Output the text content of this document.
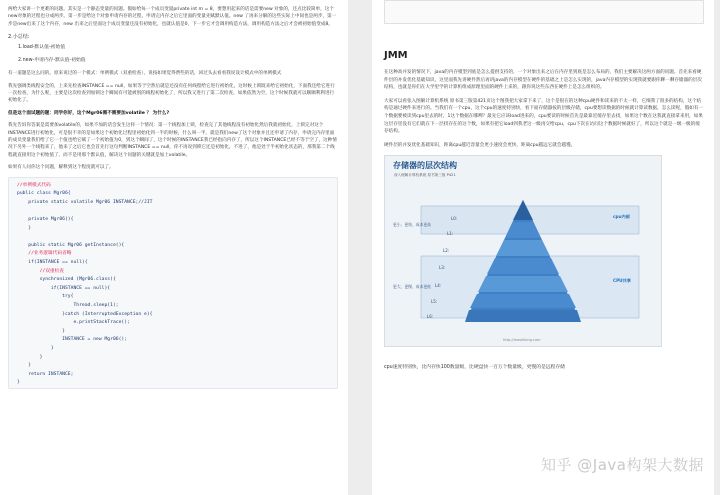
两给大家讲一个更难的问题。其实是一个静态变量的问题。假如给每一个成员变量private int m = 8，要想用起来的话是需要new 对象的，还点比较简单，这个new对象的过程也分成两步。第一步是给这个对象申请内存的过程，申请完内存之后它里面的变量先赋默认值。new 了再来分解的这些实际上中间也是两步，第一步是new出来了这个内存，new 出来之后里面这个成员变量还没有初始化，也就认值是0，下一步它才会调用构造方法，调用构造方法之后才会被初始值变成8。

2.小总结:
1.load-默认值-初始值
2.new-申请内存-默认值-初始值

有一道题是这么问的。原来说过的一个模式：单例模式（双重检查），说按如果觉得费些的话，回过头去看看我说设计模式中的单例模式

我先强调类线程安全的，上来先检查INSTANCE == null，如果等于空然后就是还没有任何线程给它进行初始化，这时候上锁既来给它初始化，下面我还给它进行一次检查，为什么呢，主要是这次检查到加锁这个瞬间有可能被别的线程初始化了，所以我又进行了第二次检查，如果依然为空，这个时候我就可以顺顺利利进行初始化了。

但是这个面试题的题：同学你好，这个Mgr06需不需要加volatile ？ 为什么?

我先告诉你答案是需要加volatile的，如果不加的话会发生这样一个情况：第一个线程加上锁，检查完了其他线程没有初始化然后我就初始化，上锁完对这个INSTANCE进行初始化，可是很不幸的是如果这个初始化过程里初始化到一半的时候，什么叫一半，就是我们new了这个对象并且还申请了内存，申请完内存里面的成员变量我们给了它一个值也给它赋了一个初始值为0，到这个瞬间了，这个时候的INSTANCE我已经指向内存了，所以这个INSTANCE已经不等于空了，这种情况下另外一个线程来了，他来了之后它也会首先行这句判断INSTANCE == null，你不再说到锁它还是初始化，不进了，他是处于半初始化状态的，那我第二个线程就直接用这个初始值了，而不是用那个默认值，解决这个问题的关键就是加上volatile。

如果有人问你这个问题，解释到这个程度就可以了。

//单例模式代码
public class Mgr06{
private static volatile Mgr06 INSTANCE;//JIT
private Mgr06(){
}
public static Mgr06 getInstance(){
//业务逻辑代码省略
if(INSTANCE == null){
//双重检查
synchronized (Mgr06.class){
if(INSTANCE == null){
try{
Thread.sleep(1);
}catch (InterruptedException e){
e.printStackTrace();
}
INSTANCE = new Mgr06();
}
}
}
return INSTANCE;
}
JMM

在这种高并发的情况下，java的内存模型到底是怎么提供支持的，一个对象出来之后在内存里到底是怎么布局的，我们主要解决这两方面的问题。首先来看硬件层的并发优化基础知识，这里面我先讲硬件然后再讲java的内存模型在硬件的基础之上是怎么实现的，java内存模型的实现我就要跟你聊一聊存储器的层次结构，也就是你们在大学里学的计算机组成原理里面的硬件上来的，跟你说这些东西在硬件上是怎么组织的。

大家可以看张入图解计算机系统 原书第三版第421页这个图我把大家拿下来了，这个是很在的这种cpu硬件和读来的不太一样，它细我了很多的结构，这个结构是通过硬件来进行的。当我们有一个cpu，这个cpu的速度特别快，看下面存储器按的层级存储，cpu要想读数据的时候就计算读数据，怎么读呢，假如有一个数据要被读到cpu里去的时，1这个数据在哪咧？最先它应该load进来的，cpu要读的时候首先是最靠近缓存里去找，如果这个数在这我就直接拿来用，如果这层存里没有它们就在下一层找存在的这个数，如果有把它load到我老这一级再交给cpu，cpu下次在访问这个数据时候就好了，所以这个就是一级一级的缓存结构。

硬件层的并发优化基础知识，距离cpu越近容量会更小速度会更快，距离cpu越远它就会越慢。

存储器的层次结构
深入理解计算机系统 原书第三版 P421
L0:
L1:
L2:
L3:
L4:
L5:
L6:
更小、更快、成本更高
更大、更慢、成本更低
cpu内部
CPU共享
http://mashibing.com
cpu速度特别快，比内存快100数量级，比硬盘快一百万个数量级，更慢的是远程存储
知乎 @Java构架大数据
